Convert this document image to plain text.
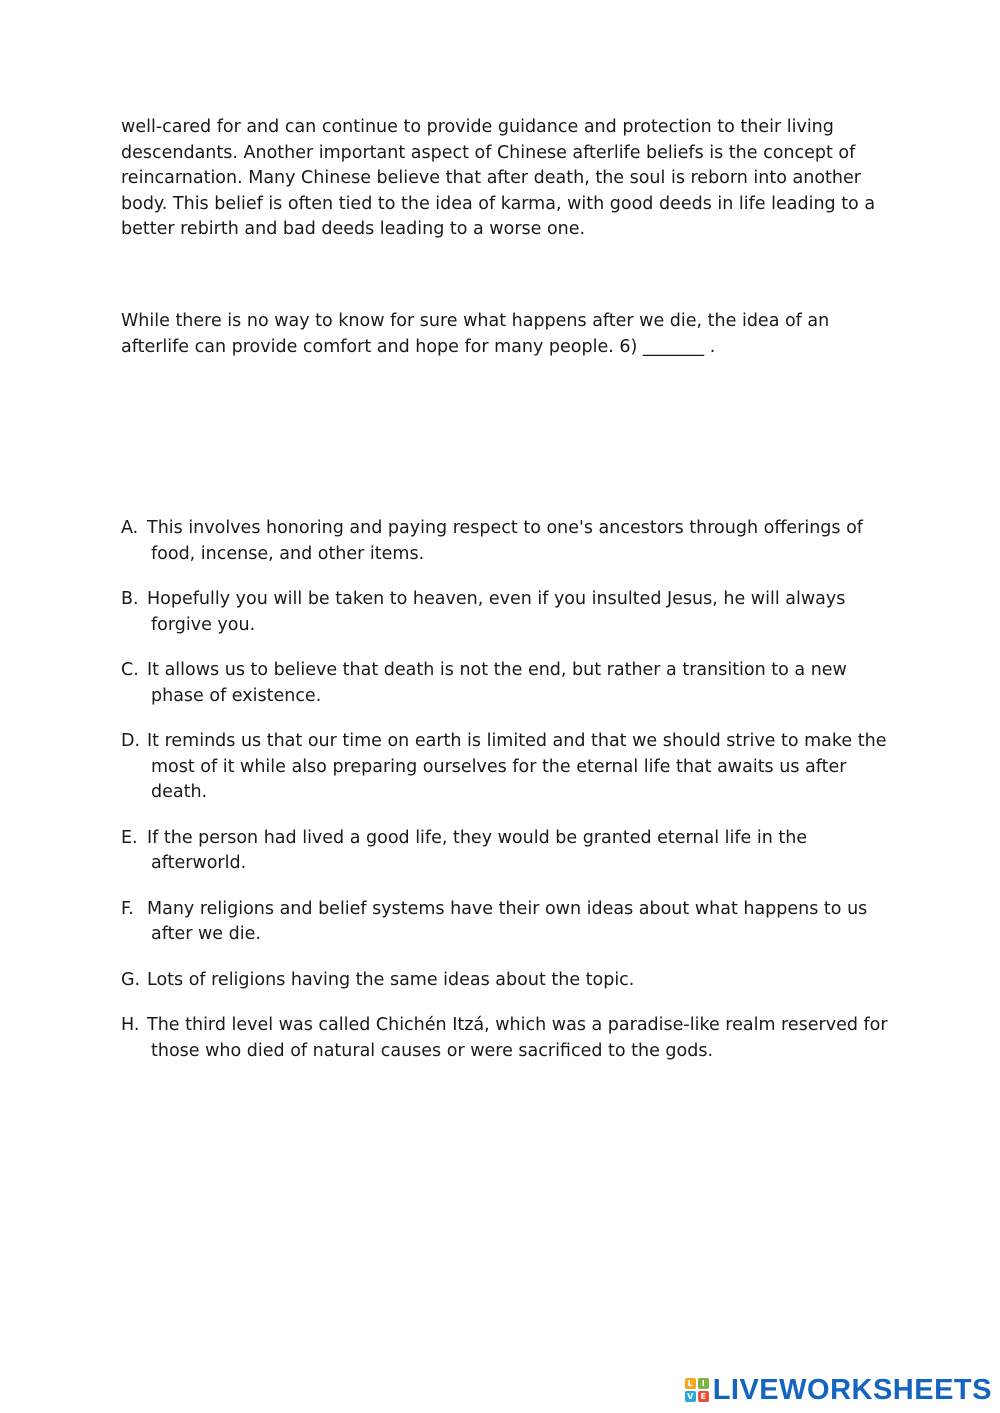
well-cared for and can continue to provide guidance and protection to their living descendants. Another important aspect of Chinese afterlife beliefs is the concept of reincarnation. Many Chinese believe that after death, the soul is reborn into another body. This belief is often tied to the idea of karma, with good deeds in life leading to a better rebirth and bad deeds leading to a worse one.

While there is no way to know for sure what happens after we die, the idea of an afterlife can provide comfort and hope for many people. 6) _______ .

A. This involves honoring and paying respect to one's ancestors through offerings of food, incense, and other items.
B. Hopefully you will be taken to heaven, even if you insulted Jesus, he will always forgive you.
C. It allows us to believe that death is not the end, but rather a transition to a new phase of existence.
D. It reminds us that our time on earth is limited and that we should strive to make the most of it while also preparing ourselves for the eternal life that awaits us after death.
E. If the person had lived a good life, they would be granted eternal life in the afterworld.
F. Many religions and belief systems have their own ideas about what happens to us after we die.
G. Lots of religions having the same ideas about the topic.
H. The third level was called Chichén Itzá, which was a paradise-like realm reserved for those who died of natural causes or were sacrificed to the gods.
L	I
V E LIVEWORKSHEETS
